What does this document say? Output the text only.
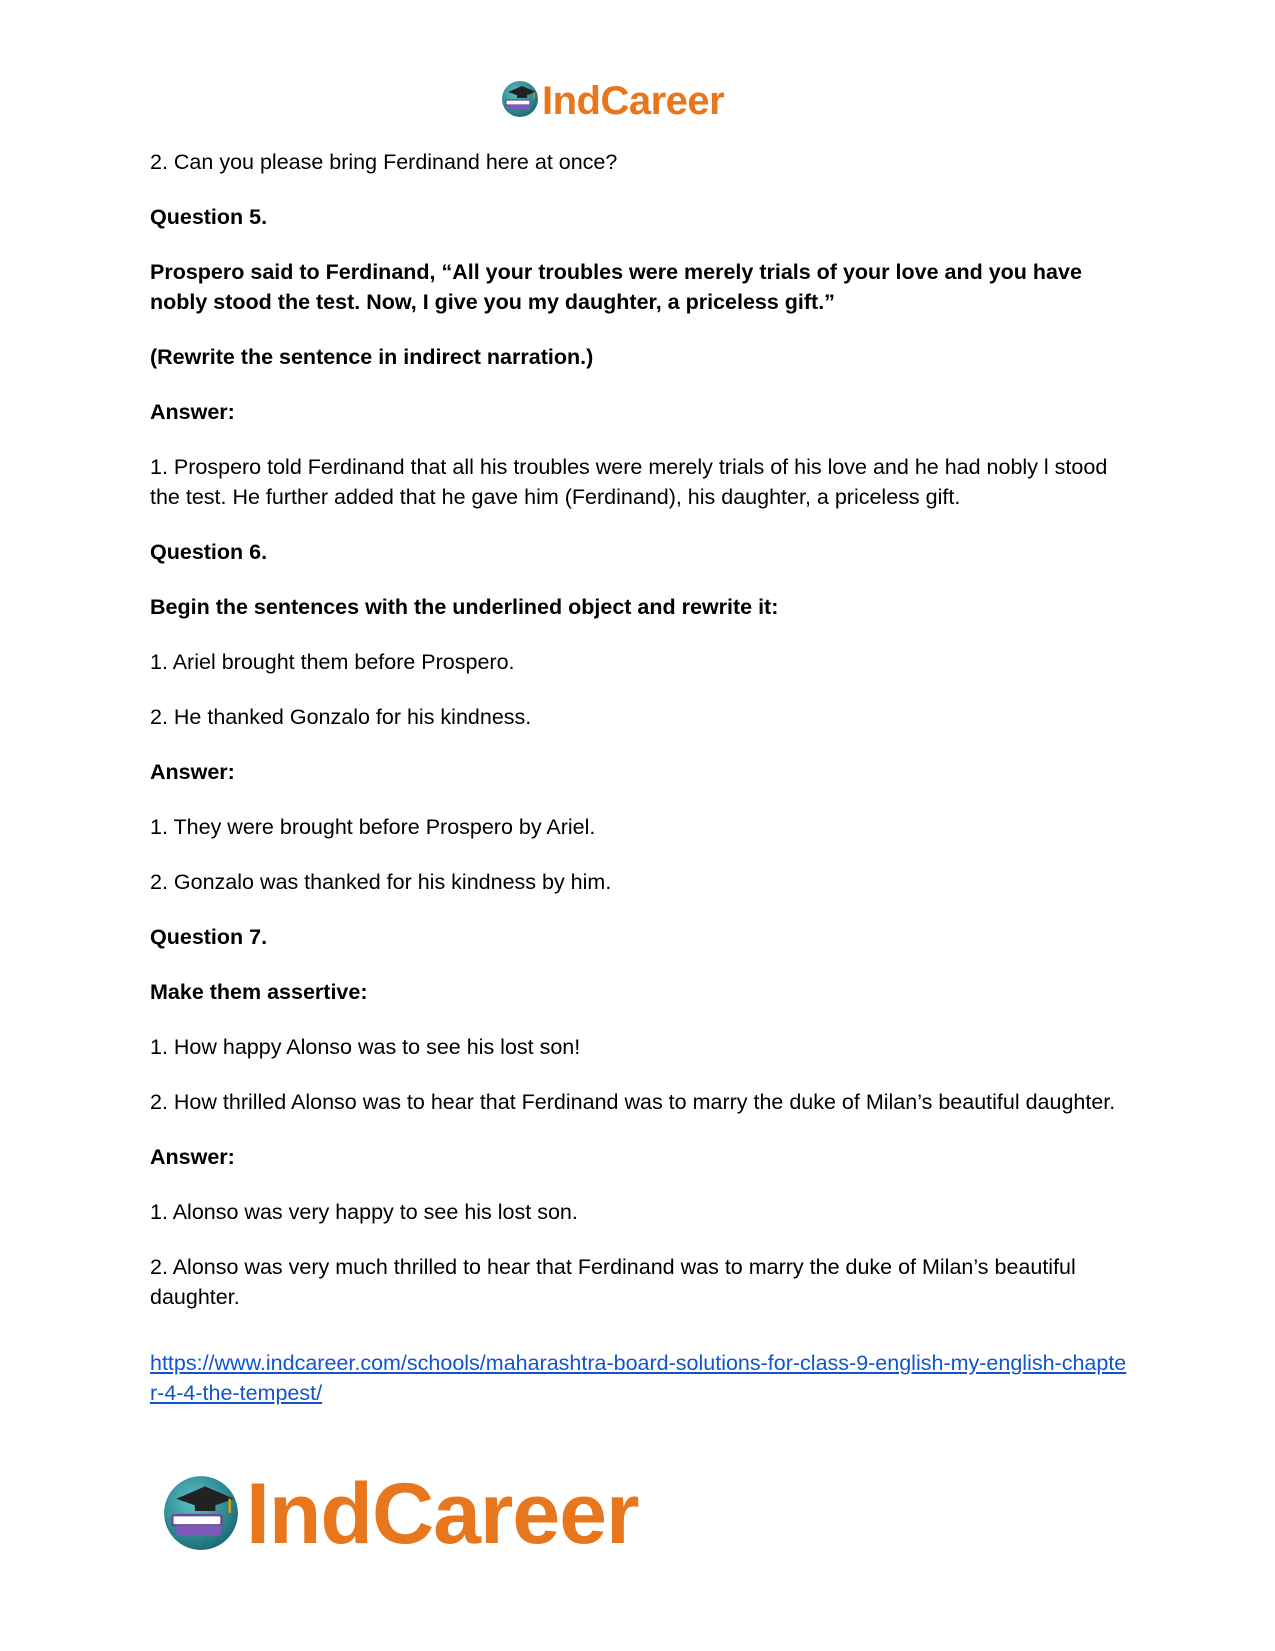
IndCareer

2. Can you please bring Ferdinand here at once?

Question 5.

Prospero said to Ferdinand, “All your troubles were merely trials of your love and you have nobly stood the test. Now, I give you my daughter, a priceless gift.”

(Rewrite the sentence in indirect narration.)

Answer:

1. Prospero told Ferdinand that all his troubles were merely trials of his love and he had nobly l stood the test. He further added that he gave him (Ferdinand), his daughter, a priceless gift.

Question 6.

Begin the sentences with the underlined object and rewrite it:

1. Ariel brought them before Prospero.

2. He thanked Gonzalo for his kindness.

Answer:

1. They were brought before Prospero by Ariel.

2. Gonzalo was thanked for his kindness by him.

Question 7.

Make them assertive:

1. How happy Alonso was to see his lost son!

2. How thrilled Alonso was to hear that Ferdinand was to marry the duke of Milan’s beautiful daughter.

Answer:

1. Alonso was very happy to see his lost son.

2. Alonso was very much thrilled to hear that Ferdinand was to marry the duke of Milan’s beautiful daughter.

https://www.indcareer.com/schools/maharashtra-board-solutions-for-class-9-english-my-english-chapter-4-4-the-tempest/
IndCareer
